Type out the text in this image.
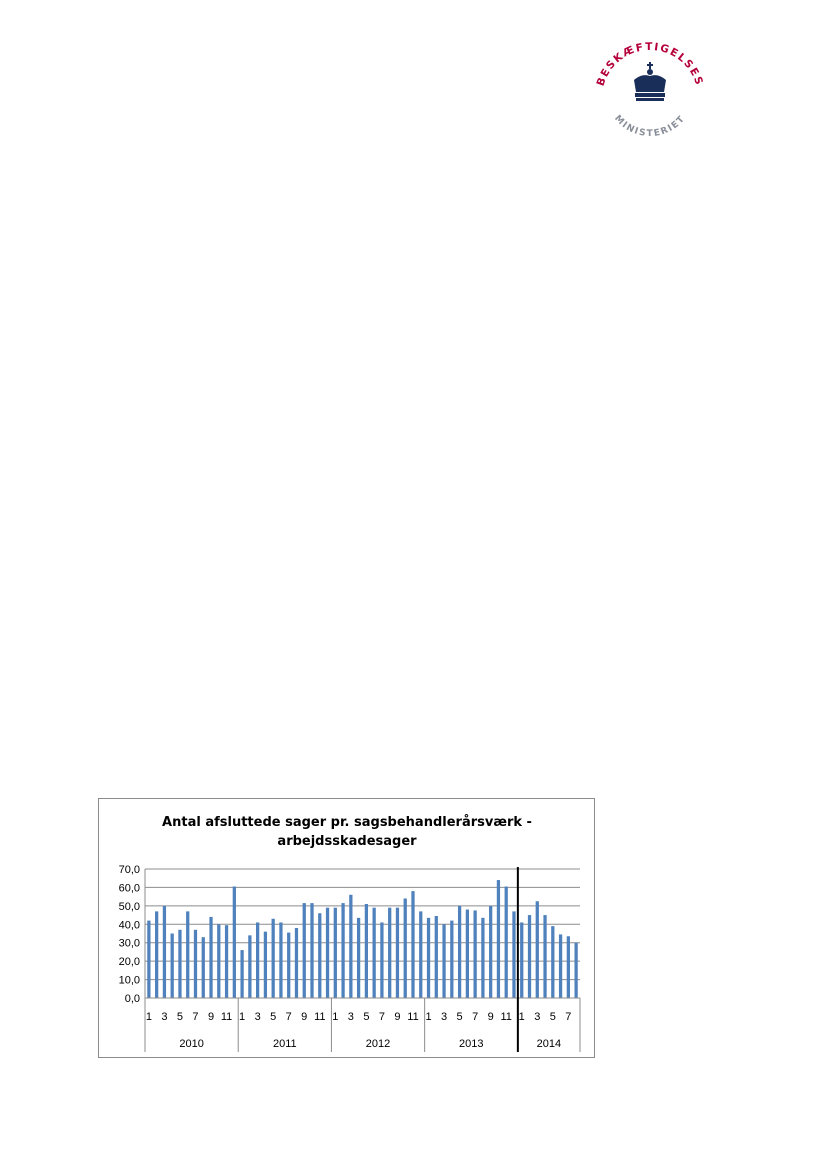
BESKÆFTIGELSES
MINISTERIET
Antal afsluttede sager pr. sagsbehandlerårsværk -
arbejdsskadesager
0,0
10,0
20,0
30,0
40,0
50,0
60,0
70,0
1 3 5 7 9 11
2010
1 3 5 7 9 11
2011
1 3 5 7 9 11
2012
1 3 5 7 9 11
2013
1 3 5 7
2014
